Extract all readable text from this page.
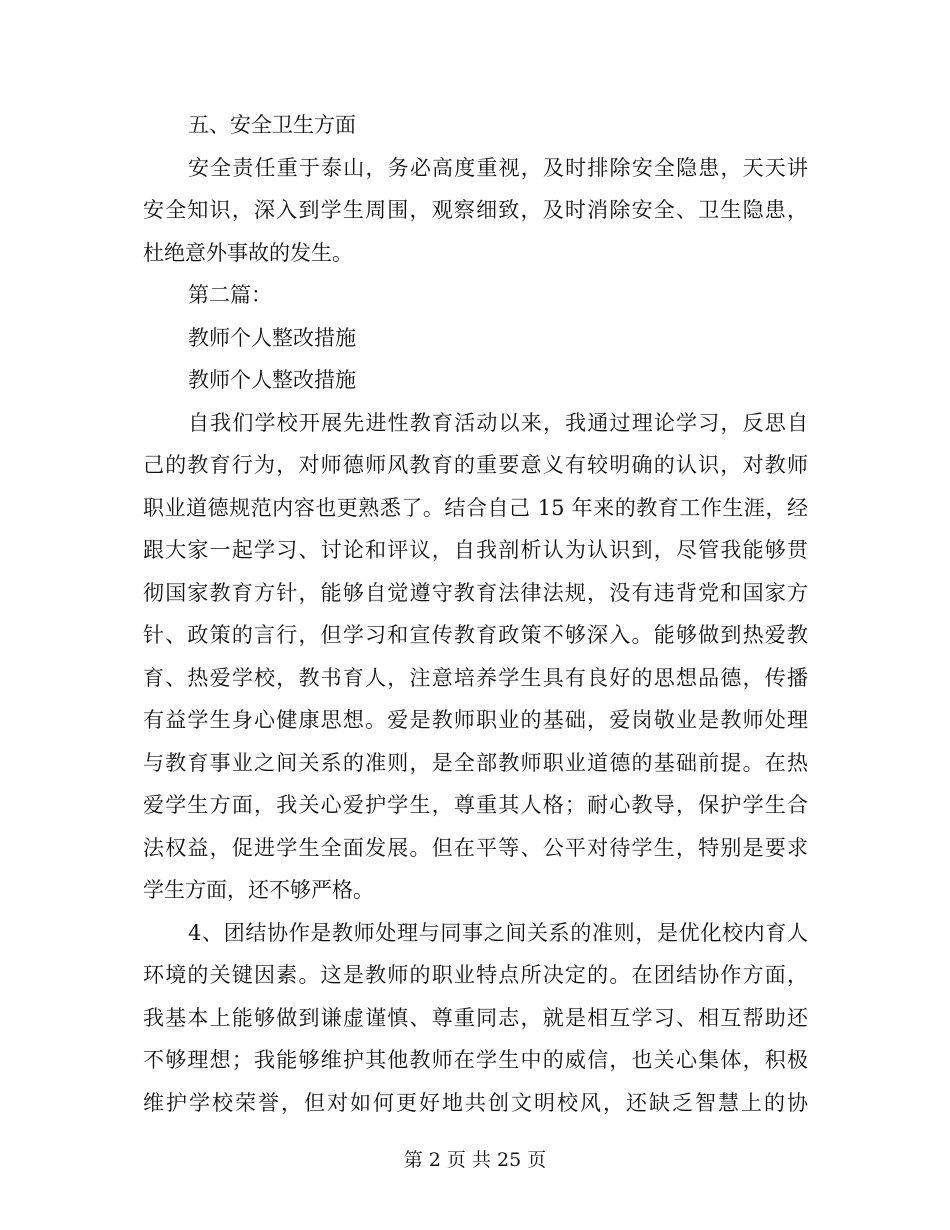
五、安全卫生方面
安全责任重于泰山，务必高度重视，及时排除安全隐患，天天讲
安全知识，深入到学生周围，观察细致，及时消除安全、卫生隐患，
杜绝意外事故的发生。
第二篇：
教师个人整改措施
教师个人整改措施
自我们学校开展先进性教育活动以来，我通过理论学习，反思自
己的教育行为，对师德师风教育的重要意义有较明确的认识，对教师
职业道德规范内容也更熟悉了。结合自己 15 年来的教育工作生涯，经
跟大家一起学习、讨论和评议，自我剖析认为认识到，尽管我能够贯
彻国家教育方针，能够自觉遵守教育法律法规，没有违背党和国家方
针、政策的言行，但学习和宣传教育政策不够深入。能够做到热爱教
育、热爱学校，教书育人，注意培养学生具有良好的思想品德，传播
有益学生身心健康思想。爱是教师职业的基础，爱岗敬业是教师处理
与教育事业之间关系的准则，是全部教师职业道德的基础前提。在热
爱学生方面，我关心爱护学生，尊重其人格；耐心教导，保护学生合
法权益，促进学生全面发展。但在平等、公平对待学生，特别是要求
学生方面，还不够严格。
4、团结协作是教师处理与同事之间关系的准则，是优化校内育人
环境的关键因素。这是教师的职业特点所决定的。在团结协作方面，
我基本上能够做到谦虚谨慎、尊重同志，就是相互学习、相互帮助还
不够理想；我能够维护其他教师在学生中的威信，也关心集体，积极
维护学校荣誉，但对如何更好地共创文明校风，还缺乏智慧上的协
第 2 页 共 25 页
